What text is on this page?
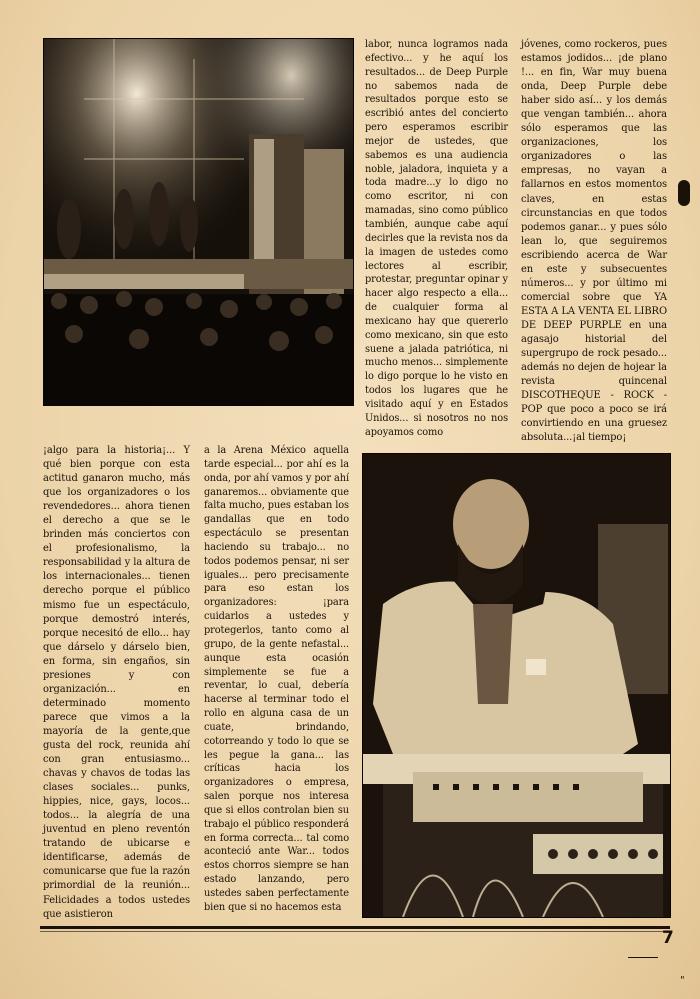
labor, nunca logramos nada efectivo... y he aquí los resultados... de Deep Purple no sabemos nada de resultados porque esto se escribió antes del concierto pero esperamos escribir mejor de ustedes, que sabemos es una audiencia noble, jaladora, inquieta y a toda madre...y lo digo no como escritor, ni con mamadas, sino como público también, aunque cabe aquí decirles que la revista nos da la imagen de ustedes como lectores al escribir, protestar, preguntar opinar y hacer algo respecto a ella... de cualquier forma al mexicano hay que quererlo como mexicano, sin que esto suene a jalada patriótica, ni mucho menos... simplemente lo digo porque lo he visto en todos los lugares que he visitado aquí y en Estados Unidos... si nosotros no nos apoyamos como

jóvenes, como rockeros, pues estamos jodidos... ¡de plano !... en fin, War muy buena onda, Deep Purple debe haber sido así... y los demás que vengan también... ahora sólo esperamos que las organizaciones, los organizadores o las empresas, no vayan a fallarnos en estos momentos claves, en estas circunstancias en que todos podemos ganar... y pues sólo lean lo, que seguiremos escribiendo acerca de War en este y subsecuentes números... y por último mi comercial sobre que YA ESTA A LA VENTA EL LIBRO DE DEEP PURPLE en una agasajo historial del supergrupo de rock pesado... además no dejen de hojear la revista quincenal DISCOTHEQUE - ROCK - POP que poco a poco se irá convirtiendo en una gruesez absoluta...¡al tiempo¡

¡algo para la historia¡... Y qué bien porque con esta actitud ganaron mucho, más que los organizadores o los revendedores... ahora tienen el derecho a que se le brinden más conciertos con el profesionalismo, la responsabilidad y la altura de los internacionales... tienen derecho porque el público mismo fue un espectáculo, porque demostró interés, porque necesitó de ello... hay que dárselo y dárselo bien, en forma, sin engaños, sin presiones y con organización... en determinado momento parece que vimos a la mayoría de la gente,que gusta del rock, reunida ahí con gran entusiasmo... chavas y chavos de todas las clases sociales... punks, hippies, nice, gays, locos... todos... la alegría de una juventud en pleno reventón tratando de ubicarse e identificarse, además de comunicarse que fue la razón primordial de la reunión... Felicidades a todos ustedes que asistieron

a la Arena México aquella tarde especial... por ahí es la onda, por ahí vamos y por ahí ganaremos... obviamente que falta mucho, pues estaban los gandallas que en todo espectáculo se presentan haciendo su trabajo... no todos podemos pensar, ni ser iguales... pero precisamente para eso estan los organizadores: ¡para cuidarlos a ustedes y protegerlos, tanto como al grupo, de la gente nefastal... aunque esta ocasión simplemente se fue a reventar, lo cual, debería hacerse al terminar todo el rollo en alguna casa de un cuate, brindando, cotorreando y todo lo que se les pegue la gana... las críticas hacia los organizadores o empresa, salen porque nos interesa que si ellos controlan bien su trabajo el público responderá en forma correcta... tal como aconteció ante War... todos estos chorros siempre se han estado lanzando, pero ustedes saben perfectamente bien que si no hacemos esta

7
"
